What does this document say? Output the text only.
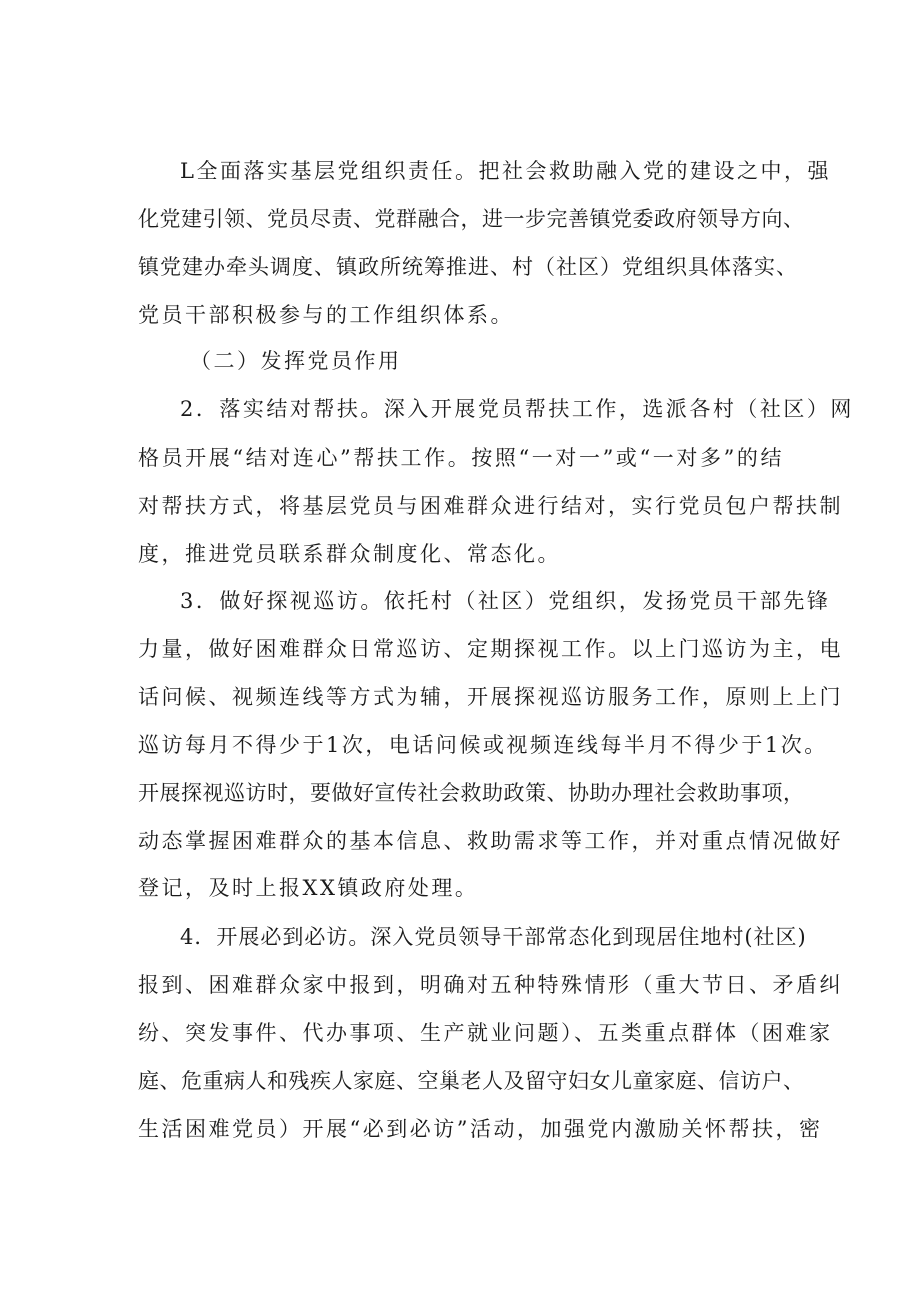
L全面落实基层党组织责任。把社会救助融入党的建设之中，强
化党建引领、党员尽责、党群融合，进一步完善镇党委政府领导方向、
镇党建办牵头调度、镇政所统筹推进、村（社区）党组织具体落实、
党员干部积极参与的工作组织体系。
（二）发挥党员作用
2．落实结对帮扶。深入开展党员帮扶工作，选派各村（社区）网
格员开展“结对连心”帮扶工作。按照“一对一”或“一对多”的结
对帮扶方式，将基层党员与困难群众进行结对，实行党员包户帮扶制
度，推进党员联系群众制度化、常态化。
3．做好探视巡访。依托村（社区）党组织，发扬党员干部先锋
力量，做好困难群众日常巡访、定期探视工作。以上门巡访为主，电
话问候、视频连线等方式为辅，开展探视巡访服务工作，原则上上门
巡访每月不得少于1次，电话问候或视频连线每半月不得少于1次。
开展探视巡访时，要做好宣传社会救助政策、协助办理社会救助事项，
动态掌握困难群众的基本信息、救助需求等工作，并对重点情况做好
登记，及时上报XX镇政府处理。
4．开展必到必访。深入党员领导干部常态化到现居住地村(社区)
报到、困难群众家中报到，明确对五种特殊情形（重大节日、矛盾纠
纷、突发事件、代办事项、生产就业问题）、五类重点群体（困难家
庭、危重病人和残疾人家庭、空巢老人及留守妇女儿童家庭、信访户、
生活困难党员）开展“必到必访”活动，加强党内激励关怀帮扶，密
